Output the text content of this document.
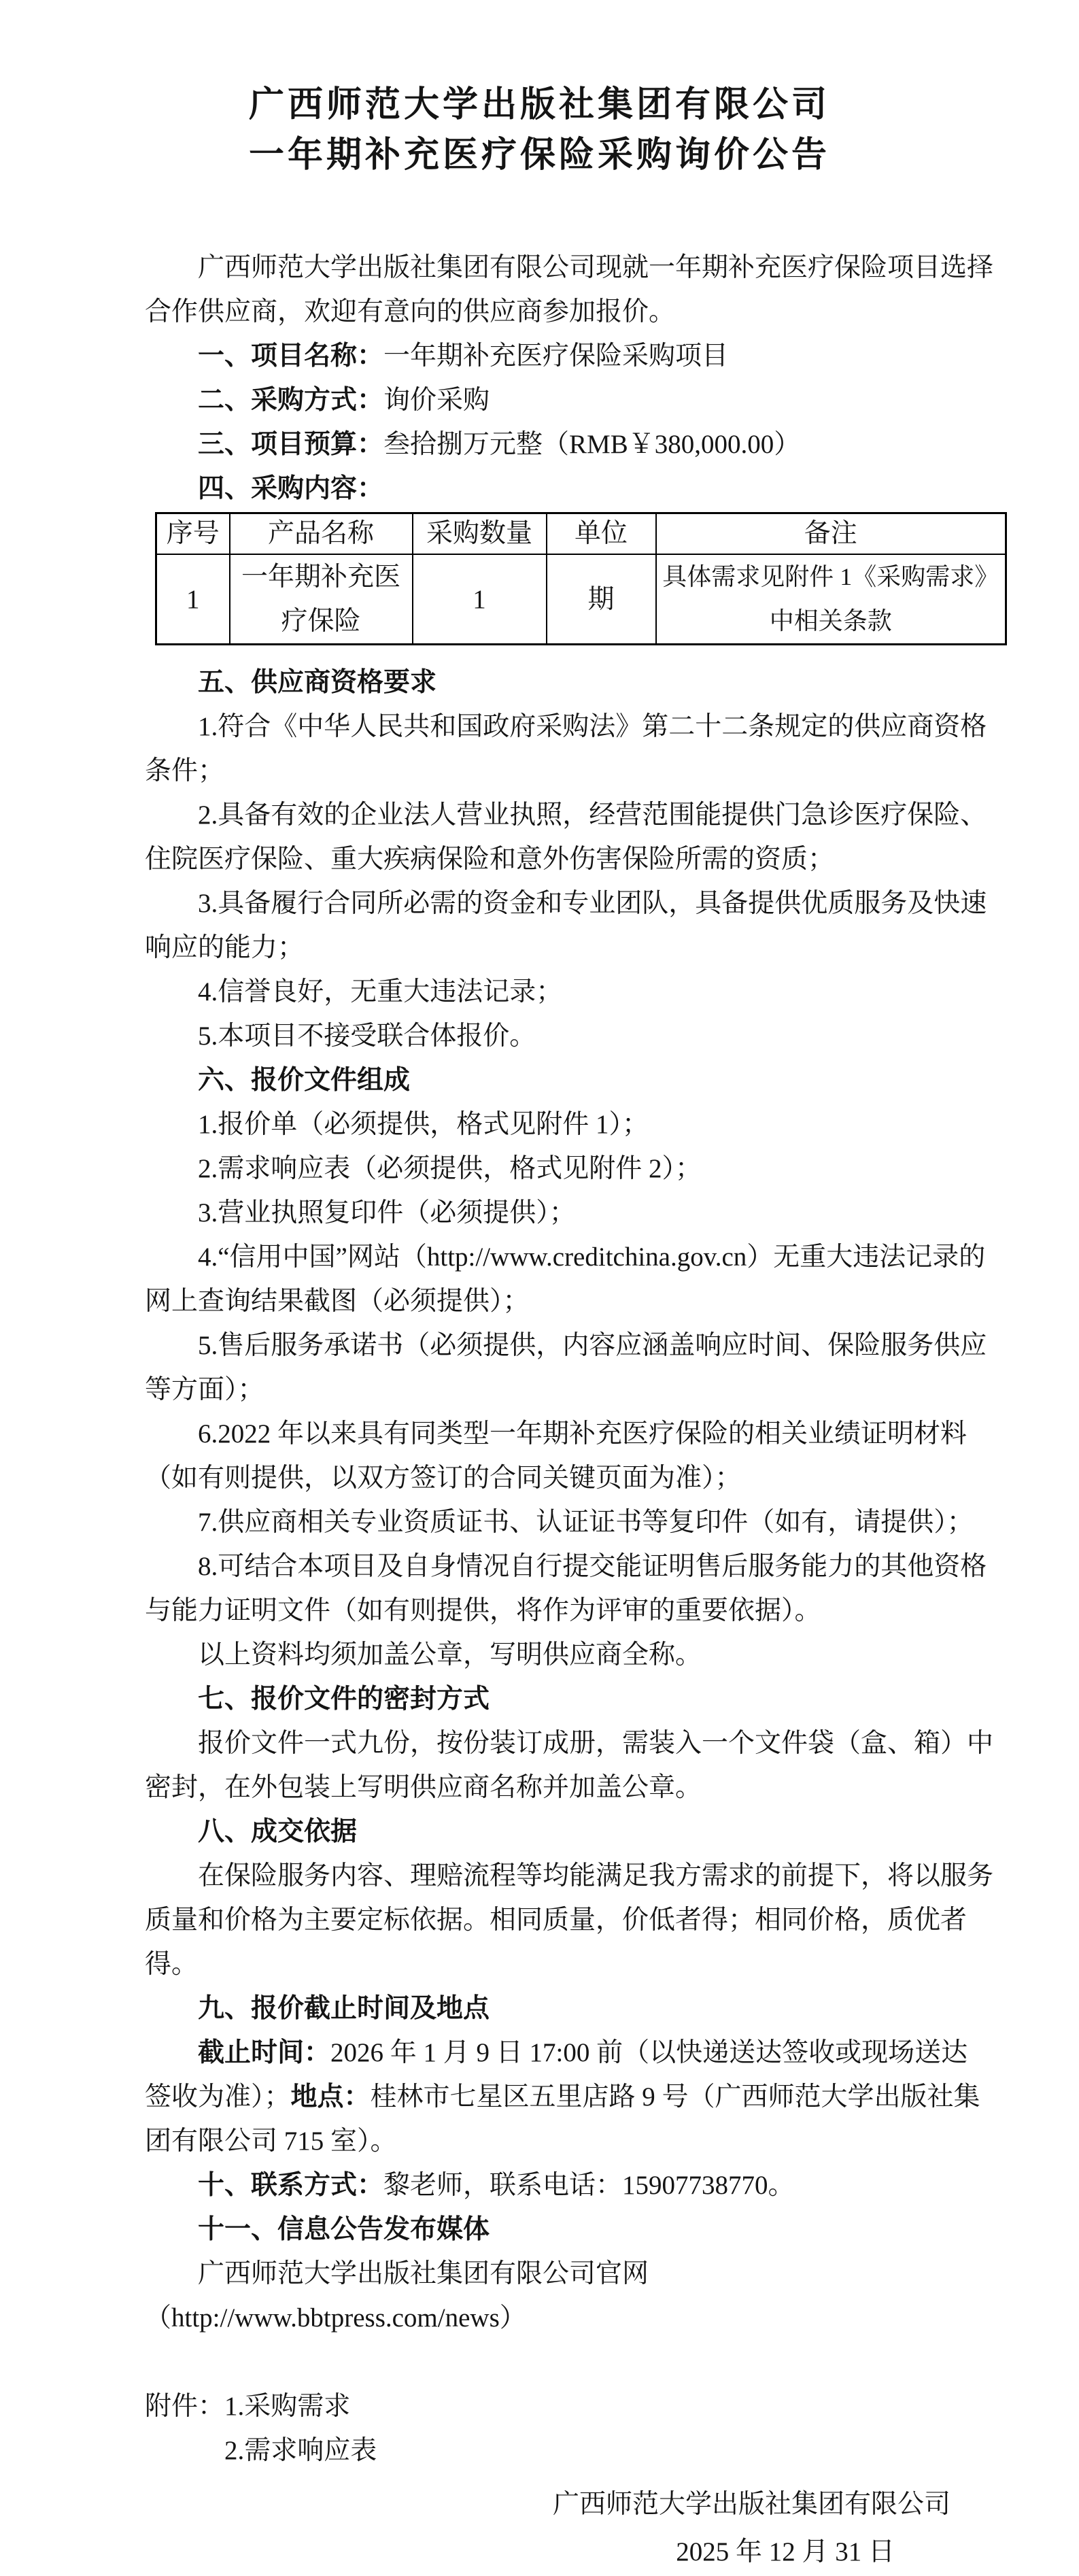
广西师范大学出版社集团有限公司
一年期补充医疗保险采购询价公告

广西师范大学出版社集团有限公司现就一年期补充医疗保险项目选择合作供应商，欢迎有意向的供应商参加报价。

一、项目名称：一年期补充医疗保险采购项目
二、采购方式：询价采购
三、项目预算：叁拾捌万元整（RMB￥380,000.00）
四、采购内容：
序号	产品名称	采购数量	单位	备注
1	一年期补充医疗保险	1	期	具体需求见附件 1《采购需求》中相关条款
五、供应商资格要求

1.符合《中华人民共和国政府采购法》第二十二条规定的供应商资格条件；

2.具备有效的企业法人营业执照，经营范围能提供门急诊医疗保险、住院医疗保险、重大疾病保险和意外伤害保险所需的资质；

3.具备履行合同所必需的资金和专业团队，具备提供优质服务及快速响应的能力；

4.信誉良好，无重大违法记录；

5.本项目不接受联合体报价。

六、报价文件组成

1.报价单（必须提供，格式见附件 1）；

2.需求响应表（必须提供，格式见附件 2）；

3.营业执照复印件（必须提供）；

4.“信用中国”网站（http://www.creditchina.gov.cn）无重大违法记录的网上查询结果截图（必须提供）；

5.售后服务承诺书（必须提供，内容应涵盖响应时间、保险服务供应等方面）；

6.2022 年以来具有同类型一年期补充医疗保险的相关业绩证明材料（如有则提供，以双方签订的合同关键页面为准）；

7.供应商相关专业资质证书、认证证书等复印件（如有，请提供）；

8.可结合本项目及自身情况自行提交能证明售后服务能力的其他资格与能力证明文件（如有则提供，将作为评审的重要依据）。

以上资料均须加盖公章，写明供应商全称。

七、报价文件的密封方式

报价文件一式九份，按份装订成册，需装入一个文件袋（盒、箱）中密封，在外包装上写明供应商名称并加盖公章。

八、成交依据

在保险服务内容、理赔流程等均能满足我方需求的前提下，将以服务质量和价格为主要定标依据。相同质量，价低者得；相同价格，质优者得。

九、报价截止时间及地点

截止时间：2026 年 1 月 9 日 17:00 前（以快递送达签收或现场送达签收为准）；地点：桂林市七星区五里店路 9 号（广西师范大学出版社集团有限公司 715 室）。

十、联系方式：黎老师，联系电话：15907738770。
十一、信息公告发布媒体

广西师范大学出版社集团有限公司官网（http://www.bbtpress.com/news）

附件： 1.采购需求
2.需求响应表
广西师范大学出版社集团有限公司
2025 年 12 月 31 日
